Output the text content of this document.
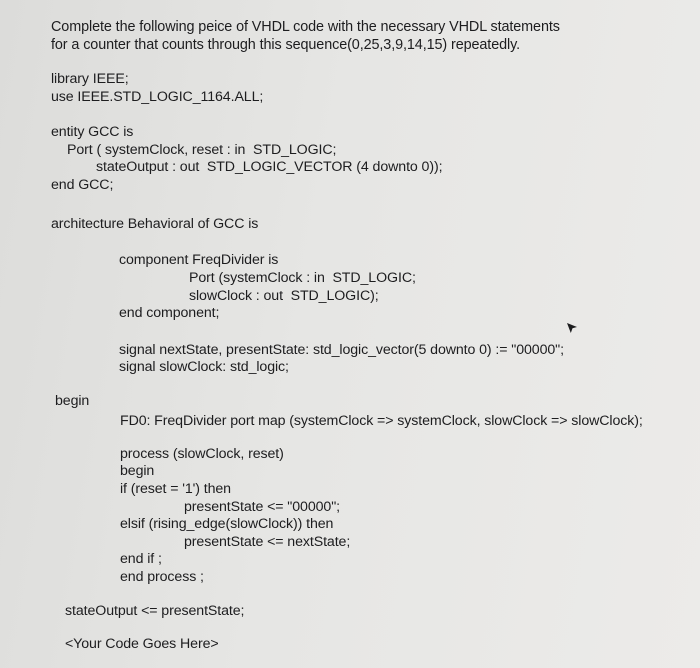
Complete the following peice of VHDL code with the necessary VHDL statements
for a counter that counts through this sequence(0,25,3,9,14,15) repeatedly.
library IEEE;
use IEEE.STD_LOGIC_1164.ALL;
entity GCC is
Port ( systemClock, reset : in  STD_LOGIC;
stateOutput : out  STD_LOGIC_VECTOR (4 downto 0));
end GCC;
architecture Behavioral of GCC is
component FreqDivider is
Port (systemClock : in  STD_LOGIC;
slowClock : out  STD_LOGIC);
end component;
signal nextState, presentState: std_logic_vector(5 downto 0) := "00000";
signal slowClock: std_logic;
begin
FD0: FreqDivider port map (systemClock => systemClock, slowClock => slowClock);
process (slowClock, reset)
begin
if (reset = '1') then
presentState <= "00000";
elsif (rising_edge(slowClock)) then
presentState <= nextState;
end if ;
end process ;
stateOutput <= presentState;
<Your Code Goes Here>
